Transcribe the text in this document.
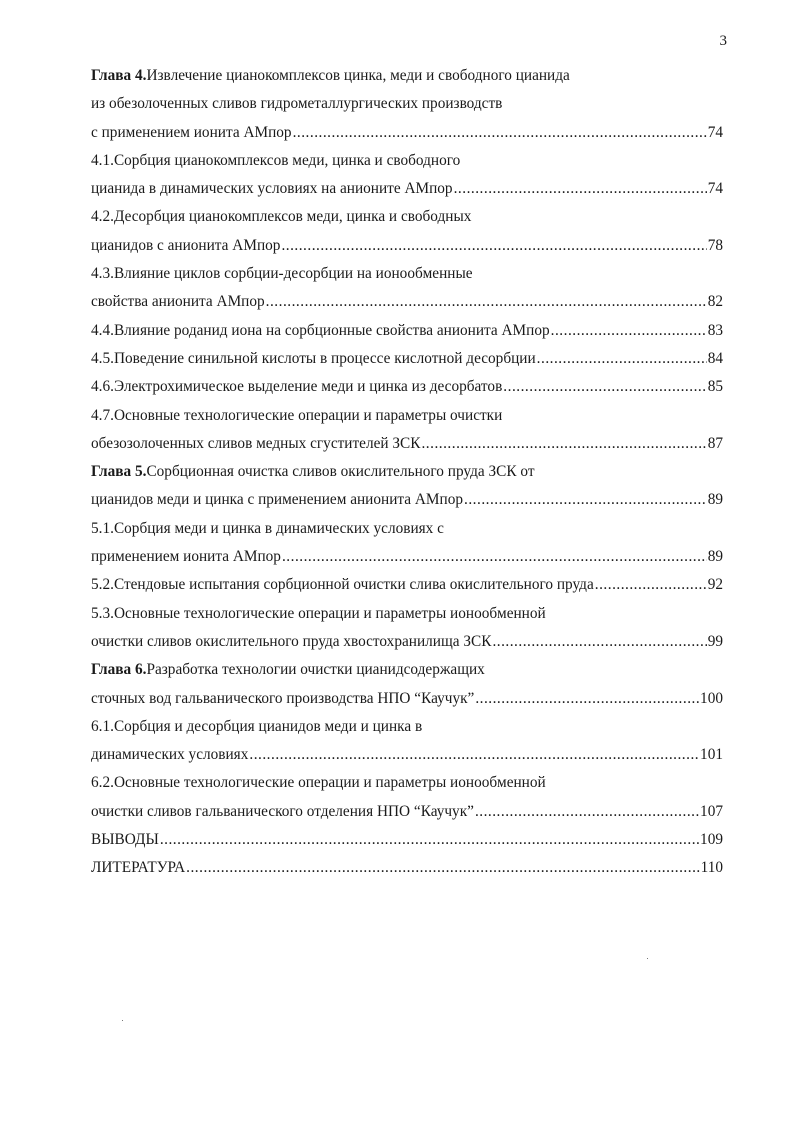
3
Глава 4.Извлечение цианокомплексов цинка, меди и свободного цианида
из обезолоченных сливов гидрометаллургических производств
с применением ионита АМпор .....	74
4.1.Сорбция цианокомплексов меди, цинка и свободного
цианида в динамических условиях на анионите АМпор .....	74
4.2.Десорбция цианокомплексов меди, цинка и свободных
цианидов с анионита АМпор .....	78
4.3.Влияние циклов сорбции-десорбции на ионообменные
свойства анионита АМпор .....	82
4.4.Влияние роданид иона на сорбционные свойства анионита АМпор .....	83
4.5.Поведение синильной кислоты в процессе кислотной десорбции .....	84
4.6.Электрохимическое выделение меди и цинка из десорбатов .....	85
4.7.Основные технологические операции и параметры очистки
обезозолоченных сливов медных сгустителей ЗСК .....	87
Глава 5.Сорбционная очистка сливов окислительного пруда ЗСК от
цианидов меди и цинка с применением анионита АМпор .....	89
5.1.Сорбция меди и цинка в динамических условиях с
применением ионита АМпор .....	89
5.2.Стендовые испытания сорбционной очистки слива окислительного пруда .....	92
5.3.Основные технологические операции и параметры ионообменной
очистки сливов окислительного пруда хвостохранилища ЗСК .....	99
Глава 6.Разработка технологии очистки цианидсодержащих
сточных вод гальванического производства НПО “Каучук” .....	100
6.1.Сорбция и десорбция цианидов меди и цинка в
динамических условиях .....	101
6.2.Основные технологические операции и параметры ионообменной
очистки сливов гальванического отделения НПО “Каучук” .....	107
ВЫВОДЫ .....	109
ЛИТЕРАТУРА .....	110
